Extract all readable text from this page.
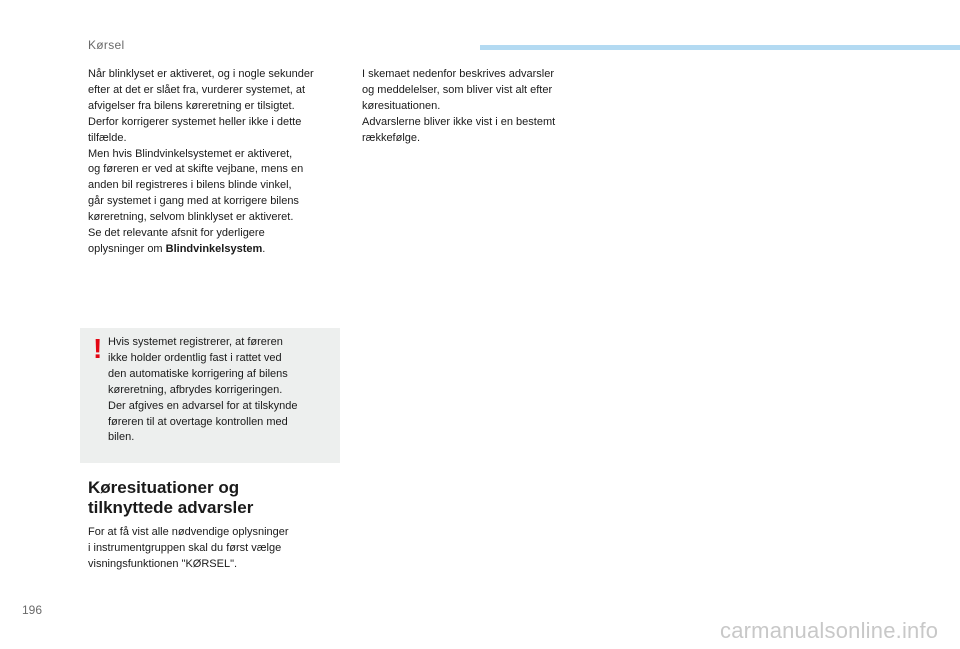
Kørsel

Når blinklyset er aktiveret, og i nogle sekunder
efter at det er slået fra, vurderer systemet, at
afvigelser fra bilens køreretning er tilsigtet.
Derfor korrigerer systemet heller ikke i dette
tilfælde.
Men hvis Blindvinkelsystemet er aktiveret,
og føreren er ved at skifte vejbane, mens en
anden bil registreres i bilens blinde vinkel,
går systemet i gang med at korrigere bilens
køreretning, selvom blinklyset er aktiveret.
Se det relevante afsnit for yderligere
oplysninger om Blindvinkelsystem.

! Hvis systemet registrerer, at føreren
ikke holder ordentlig fast i rattet ved
den automatiske korrigering af bilens
køreretning, afbrydes korrigeringen.
Der afgives en advarsel for at tilskynde
føreren til at overtage kontrollen med
bilen.

Køresituationer og
tilknyttede advarsler

For at få vist alle nødvendige oplysninger
i instrumentgruppen skal du først vælge
visningsfunktionen "KØRSEL".

I skemaet nedenfor beskrives advarsler
og meddelelser, som bliver vist alt efter
køresituationen.
Advarslerne bliver ikke vist i en bestemt
rækkefølge.

196
carmanualsonline.info
